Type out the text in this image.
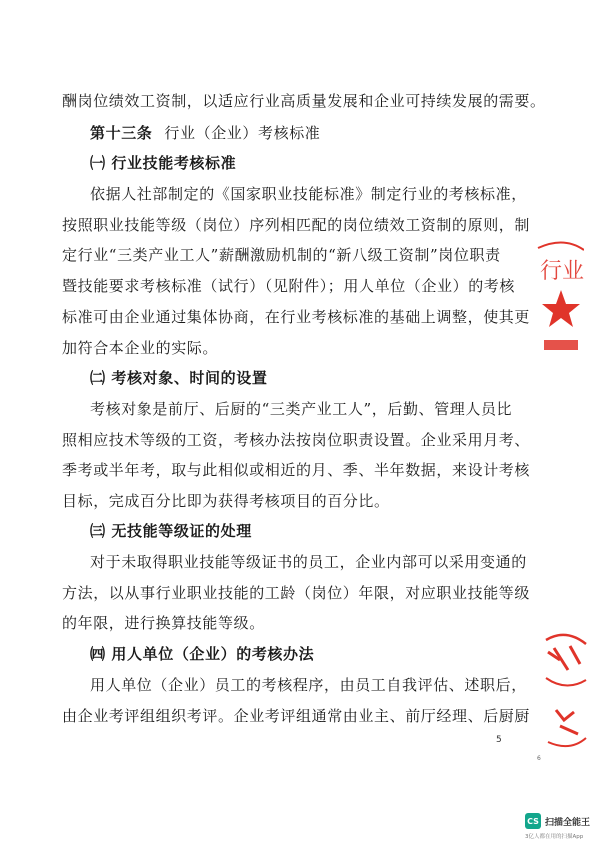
酬岗位绩效工资制，以适应行业高质量发展和企业可持续发展的需要。
第十三条 行业（企业）考核标准
㈠ 行业技能考核标准
依据人社部制定的《国家职业技能标准》制定行业的考核标准，
按照职业技能等级（岗位）序列相匹配的岗位绩效工资制的原则，制
定行业“三类产业工人”薪酬激励机制的“新八级工资制”岗位职责
暨技能要求考核标准（试行）（见附件）；用人单位（企业）的考核
标准可由企业通过集体协商，在行业考核标准的基础上调整，使其更
加符合本企业的实际。
㈡ 考核对象、时间的设置
考核对象是前厅、后厨的“三类产业工人”，后勤、管理人员比
照相应技术等级的工资，考核办法按岗位职责设置。企业采用月考、
季考或半年考，取与此相似或相近的月、季、半年数据，来设计考核
目标，完成百分比即为获得考核项目的百分比。
㈢ 无技能等级证的处理
对于未取得职业技能等级证书的员工，企业内部可以采用变通的
方法，以从事行业职业技能的工龄（岗位）年限，对应职业技能等级
的年限，进行换算技能等级。
㈣ 用人单位（企业）的考核办法
用人单位（企业）员工的考核程序，由员工自我评估、述职后，
由企业考评组组织考评。企业考评组通常由业主、前厅经理、后厨厨
5
6
行业
CS 扫描全能王
3亿人都在用的扫描App
